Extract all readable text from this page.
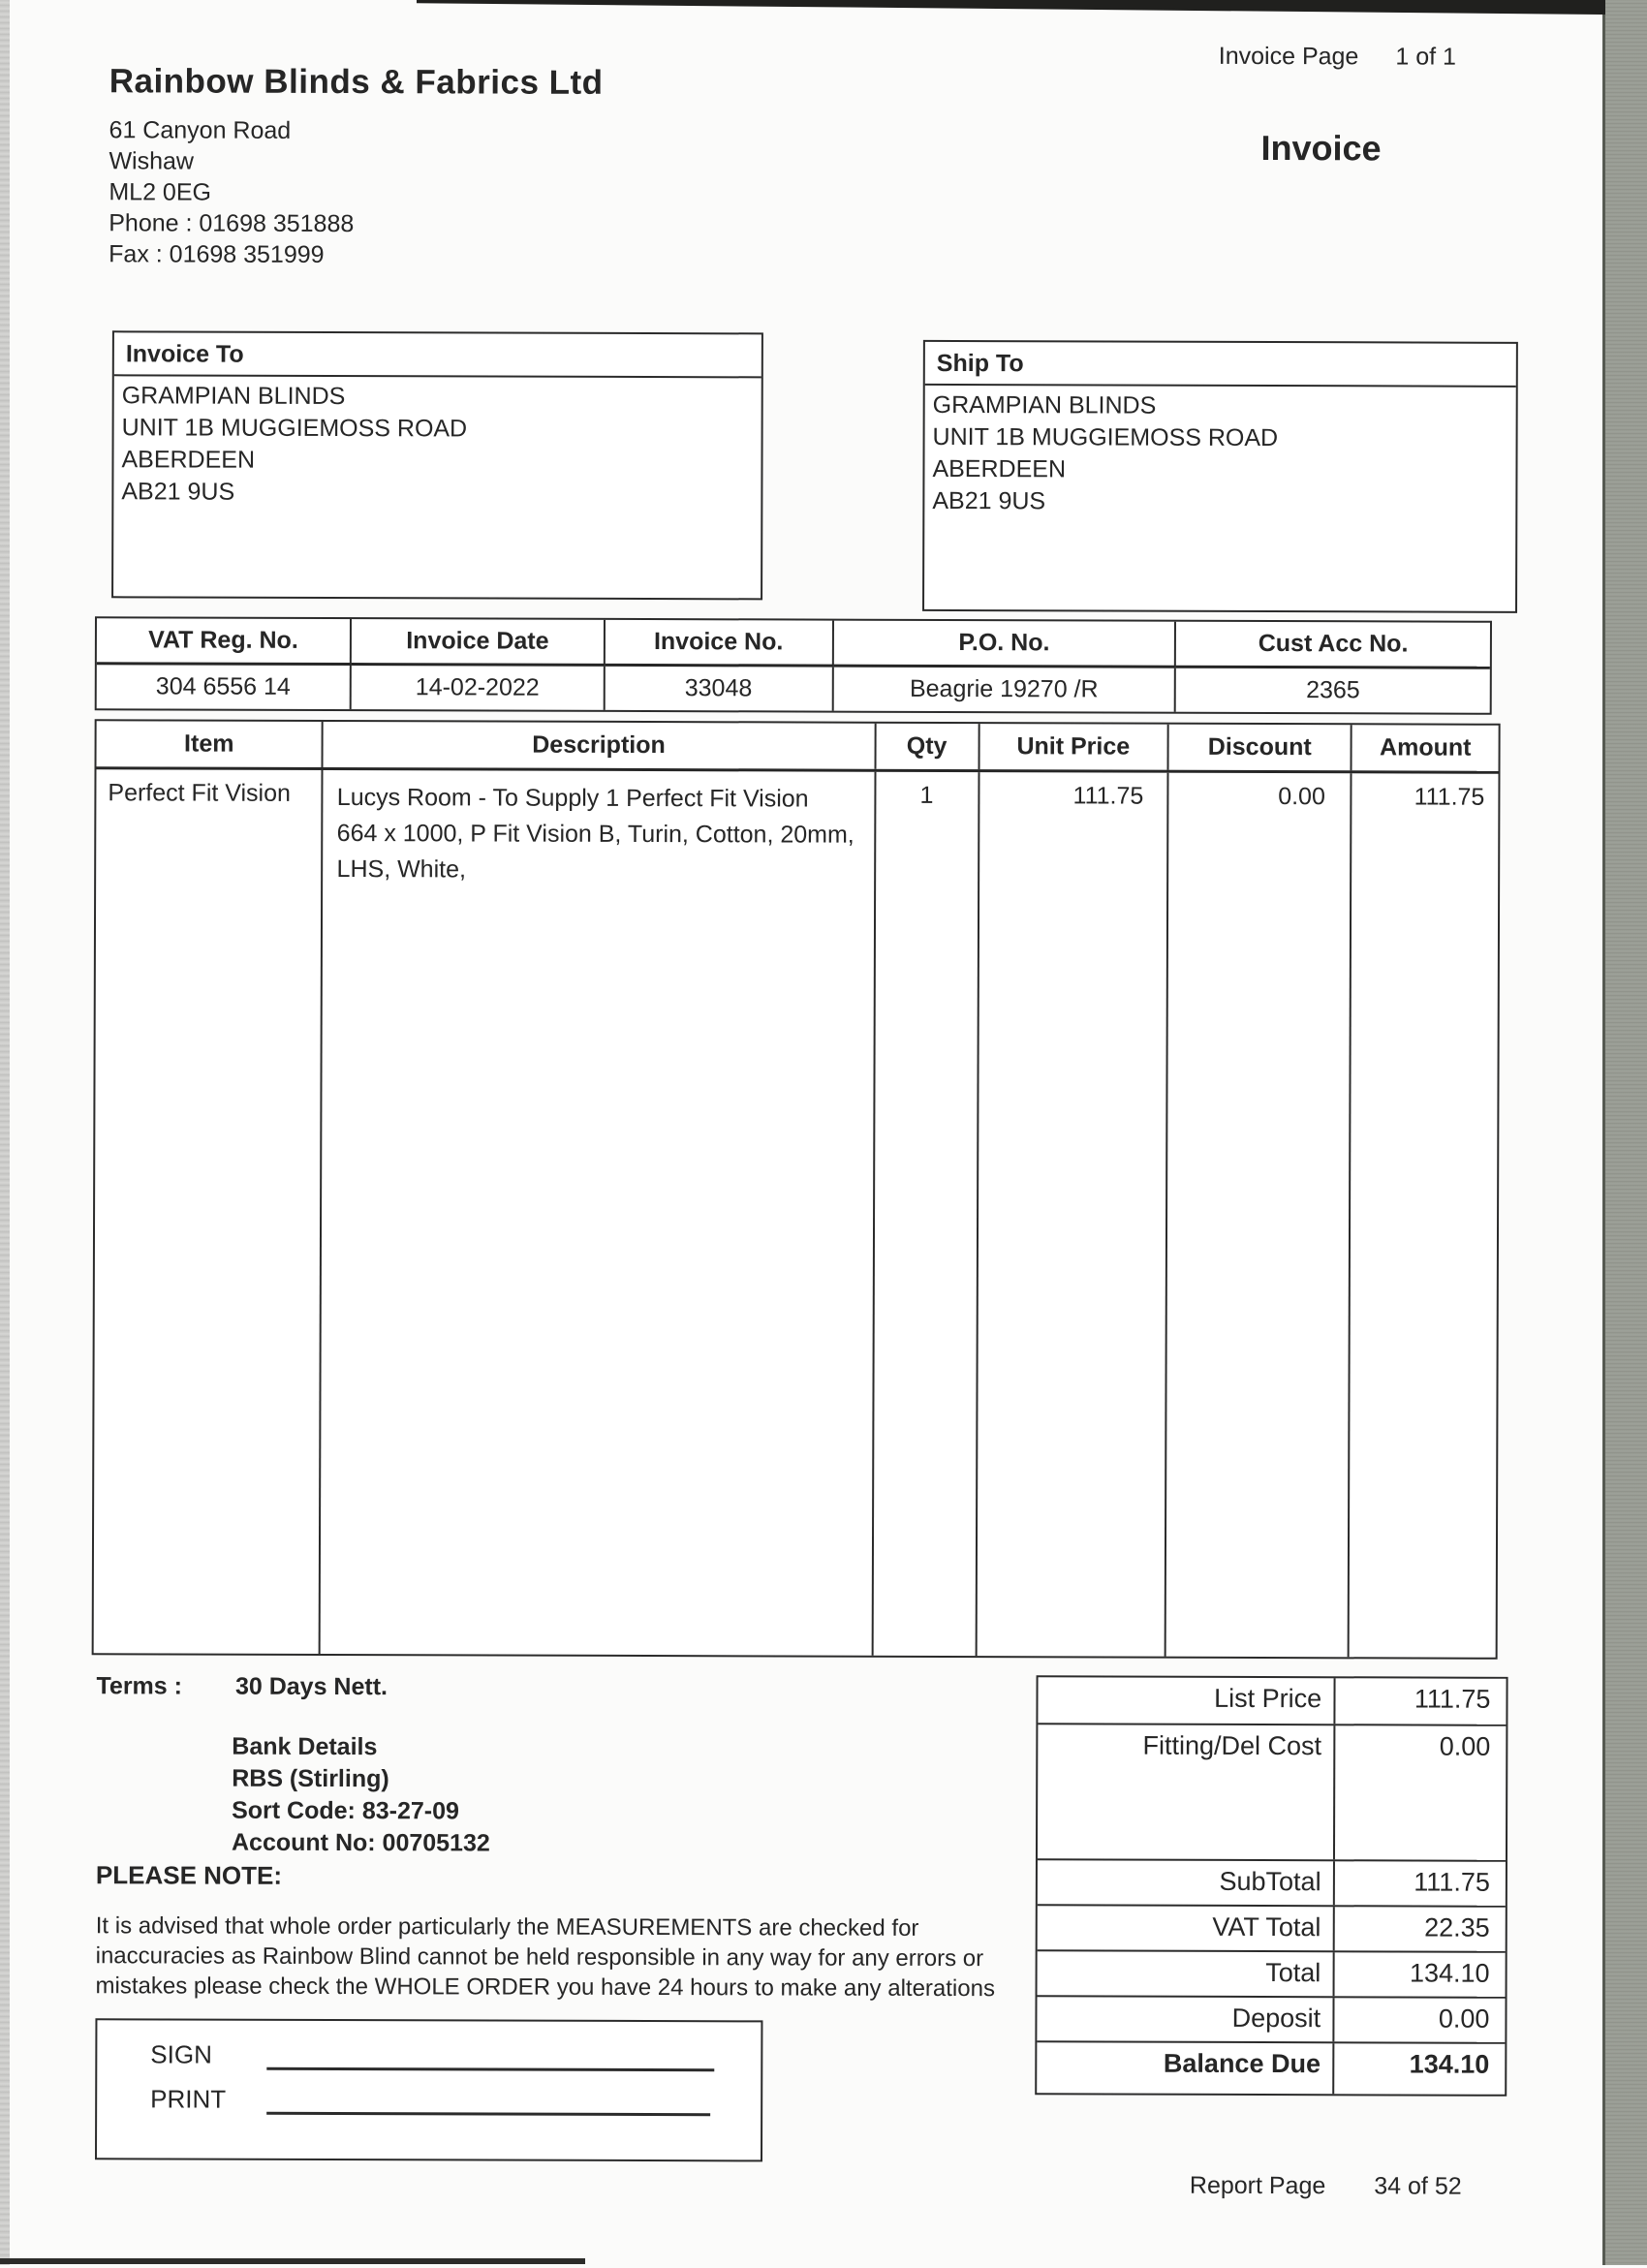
Invoice Page 1 of 1
Rainbow Blinds & Fabrics Ltd
61 Canyon Road
Wishaw
ML2 0EG
Phone : 01698 351888
Fax : 01698 351999
Invoice
Invoice To
GRAMPIAN BLINDS
UNIT 1B MUGGIEMOSS ROAD
ABERDEEN
AB21 9US
Ship To
GRAMPIAN BLINDS
UNIT 1B MUGGIEMOSS ROAD
ABERDEEN
AB21 9US
VAT Reg. No.	Invoice Date	Invoice No.	P.O. No.	Cust Acc No.
304 6556 14	14-02-2022	33048	Beagrie 19270 /R	2365
Item	Description	Qty	Unit Price	Discount	Amount
Perfect Fit Vision	Lucys Room - To Supply 1 Perfect Fit Vision
664 x 1000, P Fit Vision B, Turin, Cotton, 20mm,
LHS, White,
1	111.75	0.00	111.75
Terms : 30 Days Nett.
Bank Details
RBS (Stirling)
Sort Code: 83-27-09
Account No: 00705132
PLEASE NOTE:
It is advised that whole order particularly the MEASUREMENTS are checked for
inaccuracies as Rainbow Blind cannot be held responsible in any way for any errors or
mistakes please check the WHOLE ORDER you have 24 hours to make any alterations
List Price	111.75
Fitting/Del Cost	0.00
SubTotal	111.75
VAT Total	22.35
Total	134.10
Deposit	0.00
Balance Due	134.10
SIGN
PRINT
Report Page 34 of 52
